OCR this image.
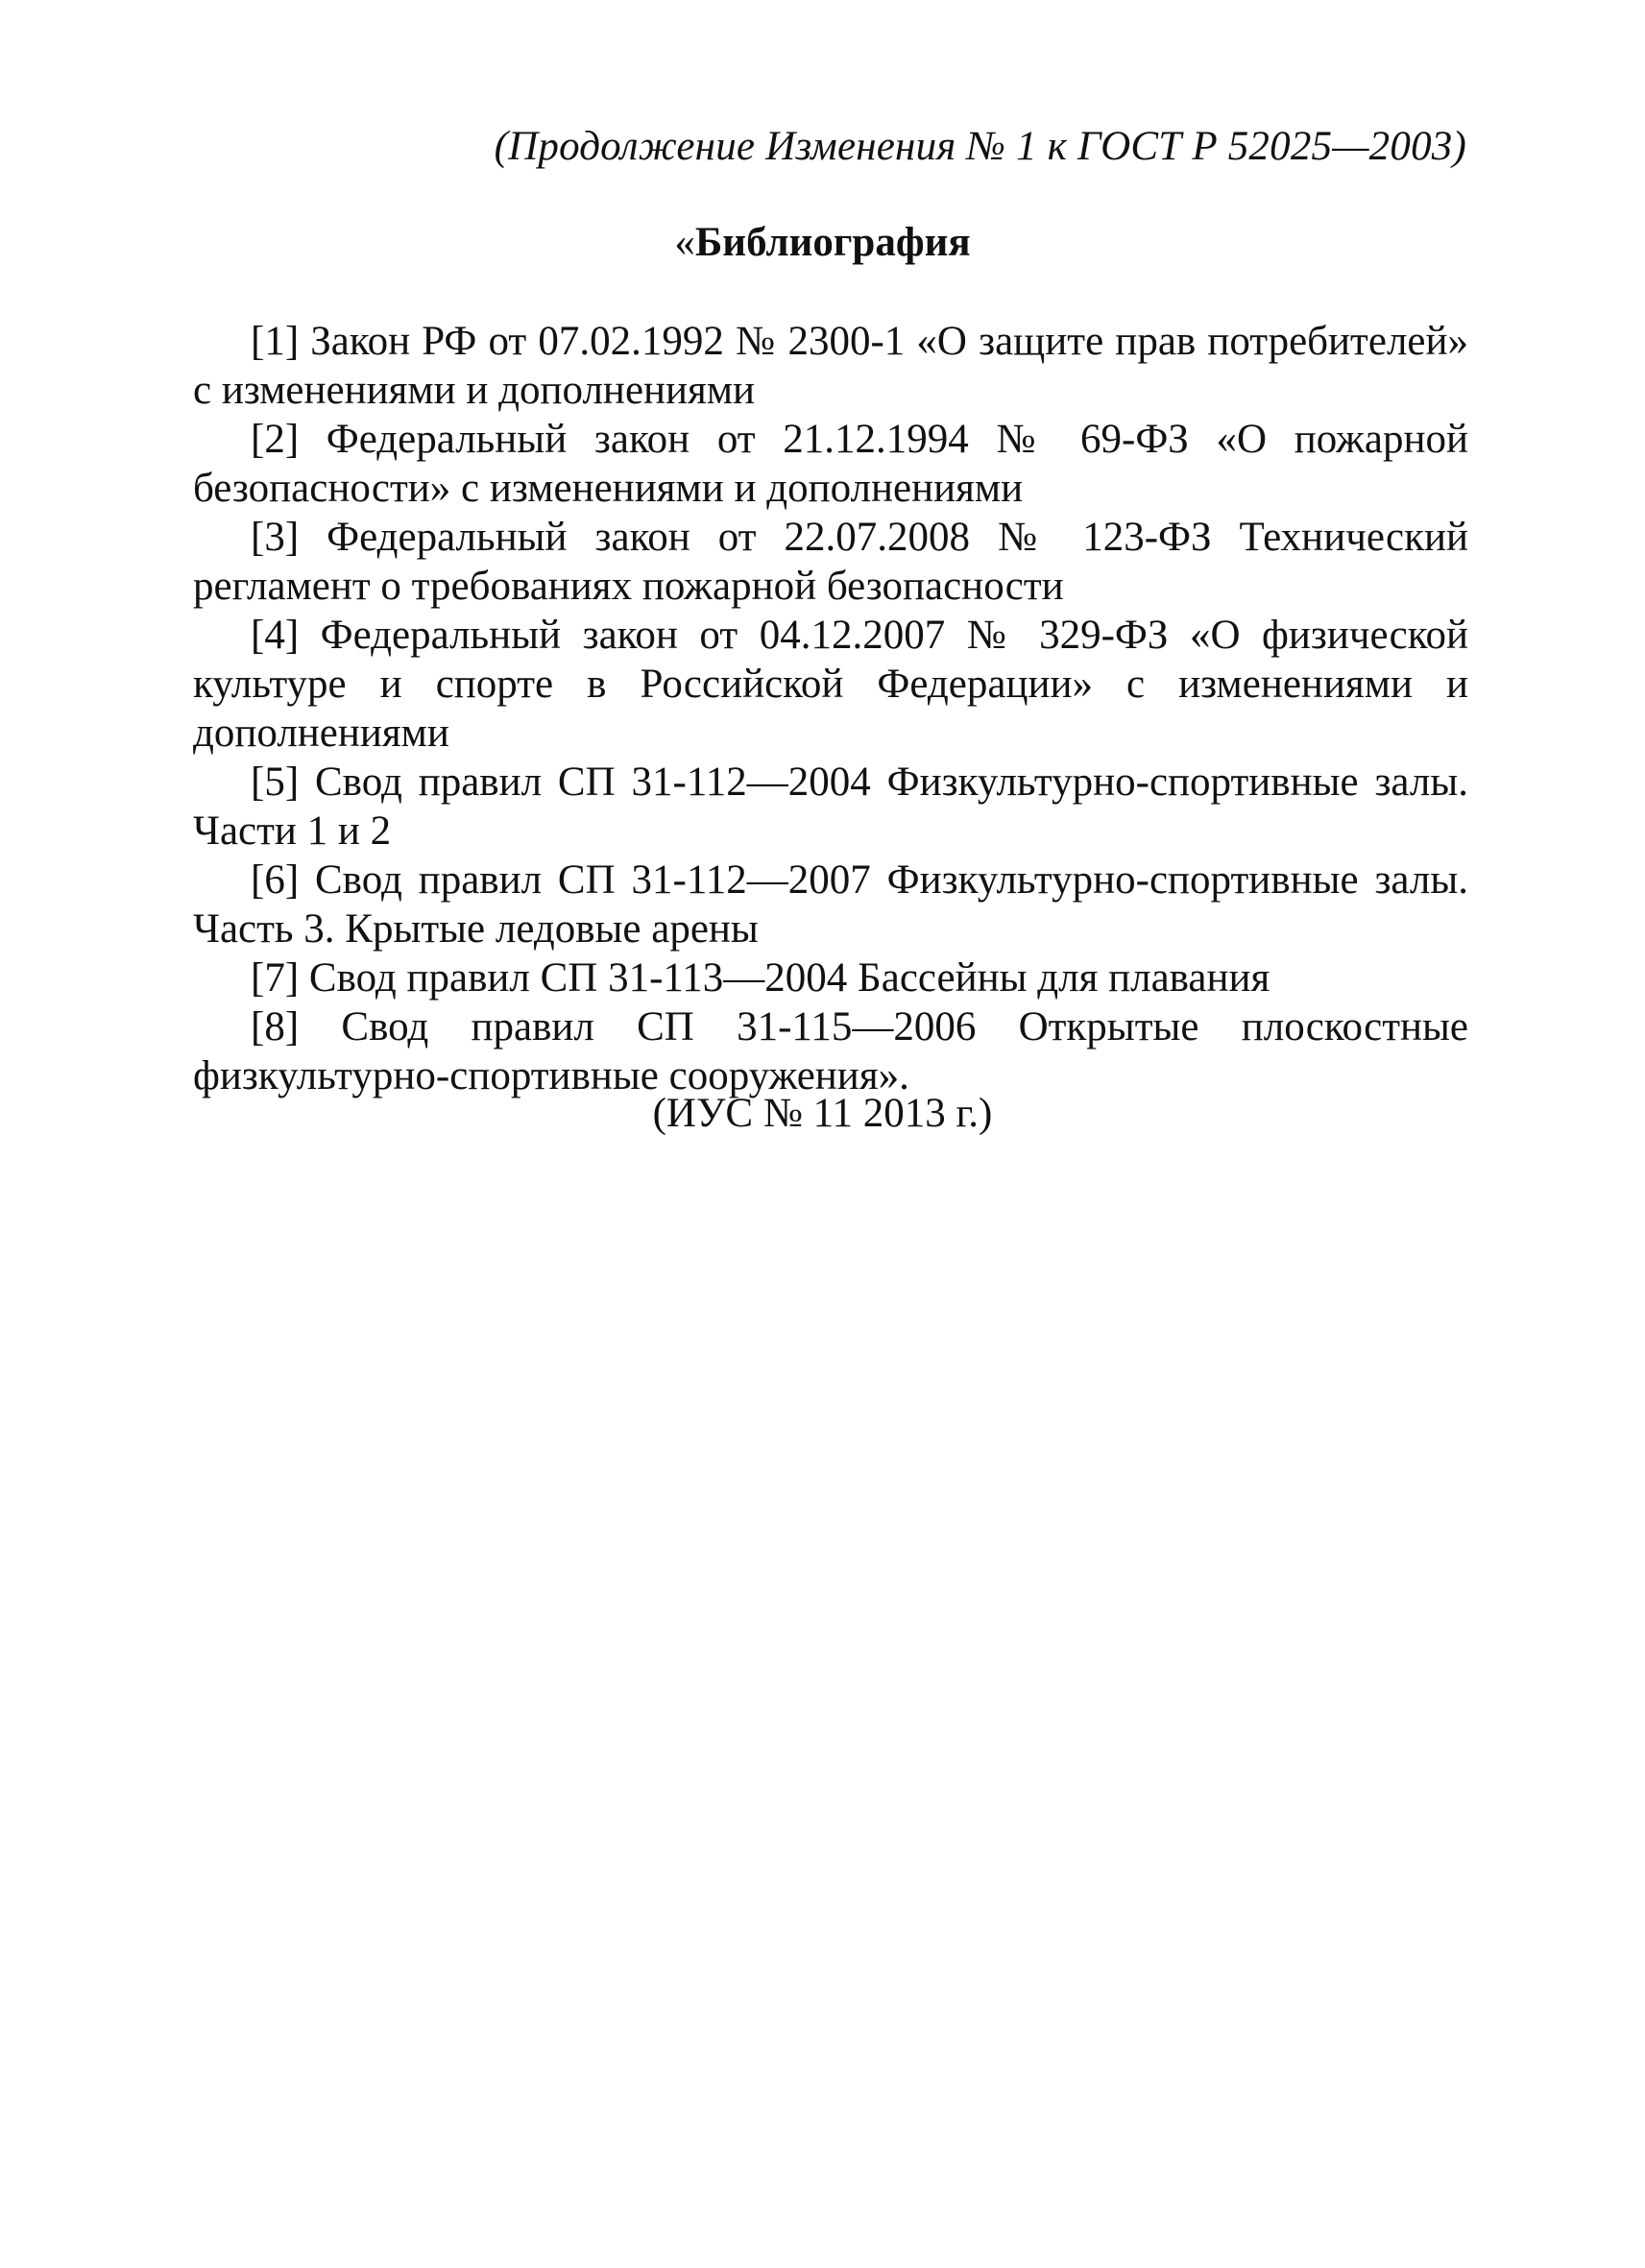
(Продолжение Изменения № 1 к ГОСТ Р 52025—2003)
«Библиография
[1] Закон РФ от 07.02.1992 № 2300-1 «О защите прав потребителей» с изменениями и дополнениями
[2] Федеральный закон от 21.12.1994 № 69-ФЗ «О пожарной безопасности» с изменениями и дополнениями
[3] Федеральный закон от 22.07.2008 № 123-ФЗ Технический регламент о требованиях пожарной безопасности
[4] Федеральный закон от 04.12.2007 № 329-ФЗ «О физической культуре и спорте в Российской Федерации» с изменениями и дополнениями
[5] Свод правил СП 31-112—2004 Физкультурно-спортивные залы. Части 1 и 2
[6] Свод правил СП 31-112—2007 Физкультурно-спортивные залы. Часть 3. Крытые ледовые арены
[7] Свод правил СП 31-113—2004 Бассейны для плавания
[8] Свод правил СП 31-115—2006 Открытые плоскостные физкультурно-спортивные сооружения».
(ИУС № 11 2013 г.)
